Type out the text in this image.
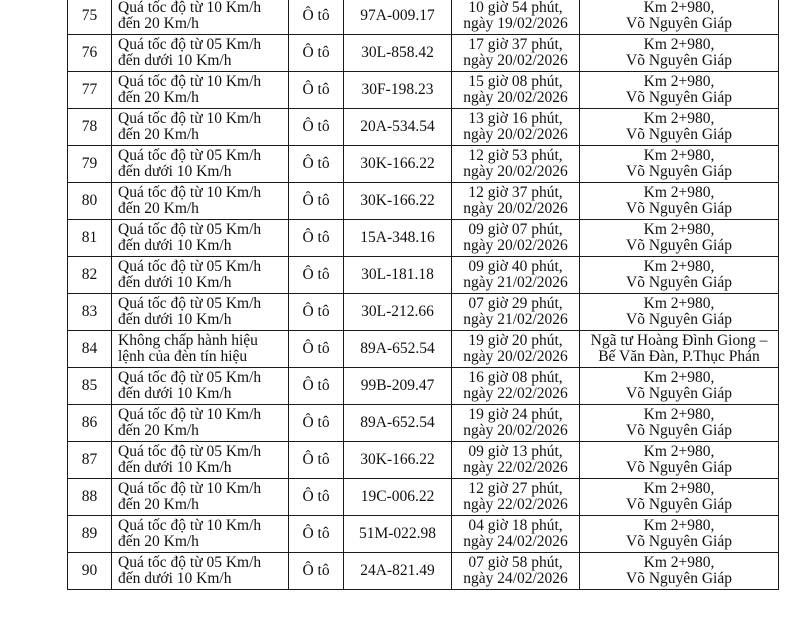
75	Quá tốc độ từ 10 Km/h
đến 20 Km/h	Ô tô	97A-009.17	10 giờ 54 phút,
ngày 19/02/2026	Km 2+980,
Võ Nguyên Giáp

76	Quá tốc độ từ 05 Km/h
đến dưới 10 Km/h	Ô tô	30L-858.42	17 giờ 37 phút,
ngày 20/02/2026	Km 2+980,
Võ Nguyên Giáp

77	Quá tốc độ từ 10 Km/h
đến 20 Km/h	Ô tô	30F-198.23	15 giờ 08 phút,
ngày 20/02/2026	Km 2+980,
Võ Nguyên Giáp

78	Quá tốc độ từ 10 Km/h
đến 20 Km/h	Ô tô	20A-534.54	13 giờ 16 phút,
ngày 20/02/2026	Km 2+980,
Võ Nguyên Giáp

79	Quá tốc độ từ 05 Km/h
đến dưới 10 Km/h	Ô tô	30K-166.22	12 giờ 53 phút,
ngày 20/02/2026	Km 2+980,
Võ Nguyên Giáp

80	Quá tốc độ từ 10 Km/h
đến 20 Km/h	Ô tô	30K-166.22	12 giờ 37 phút,
ngày 20/02/2026	Km 2+980,
Võ Nguyên Giáp

81	Quá tốc độ từ 05 Km/h
đến dưới 10 Km/h	Ô tô	15A-348.16	09 giờ 07 phút,
ngày 20/02/2026	Km 2+980,
Võ Nguyên Giáp

82	Quá tốc độ từ 05 Km/h
đến dưới 10 Km/h	Ô tô	30L-181.18	09 giờ 40 phút,
ngày 21/02/2026	Km 2+980,
Võ Nguyên Giáp

83	Quá tốc độ từ 05 Km/h
đến dưới 10 Km/h	Ô tô	30L-212.66	07 giờ 29 phút,
ngày 21/02/2026	Km 2+980,
Võ Nguyên Giáp

84	Không chấp hành hiệu
lệnh của đèn tín hiệu	Ô tô	89A-652.54	19 giờ 20 phút,
ngày 20/02/2026	Ngã tư Hoàng Đình Giong –
Bế Văn Đàn, P.Thục Phán

85	Quá tốc độ từ 05 Km/h
đến dưới 10 Km/h	Ô tô	99B-209.47	16 giờ 08 phút,
ngày 22/02/2026	Km 2+980,
Võ Nguyên Giáp

86	Quá tốc độ từ 10 Km/h
đến 20 Km/h	Ô tô	89A-652.54	19 giờ 24 phút,
ngày 20/02/2026	Km 2+980,
Võ Nguyên Giáp

87	Quá tốc độ từ 05 Km/h
đến dưới 10 Km/h	Ô tô	30K-166.22	09 giờ 13 phút,
ngày 22/02/2026	Km 2+980,
Võ Nguyên Giáp

88	Quá tốc độ từ 10 Km/h
đến 20 Km/h	Ô tô	19C-006.22	12 giờ 27 phút,
ngày 22/02/2026	Km 2+980,
Võ Nguyên Giáp

89	Quá tốc độ từ 10 Km/h
đến 20 Km/h	Ô tô	51M-022.98	04 giờ 18 phút,
ngày 24/02/2026	Km 2+980,
Võ Nguyên Giáp

90	Quá tốc độ từ 05 Km/h
đến dưới 10 Km/h	Ô tô	24A-821.49	07 giờ 58 phút,
ngày 24/02/2026	Km 2+980,
Võ Nguyên Giáp
